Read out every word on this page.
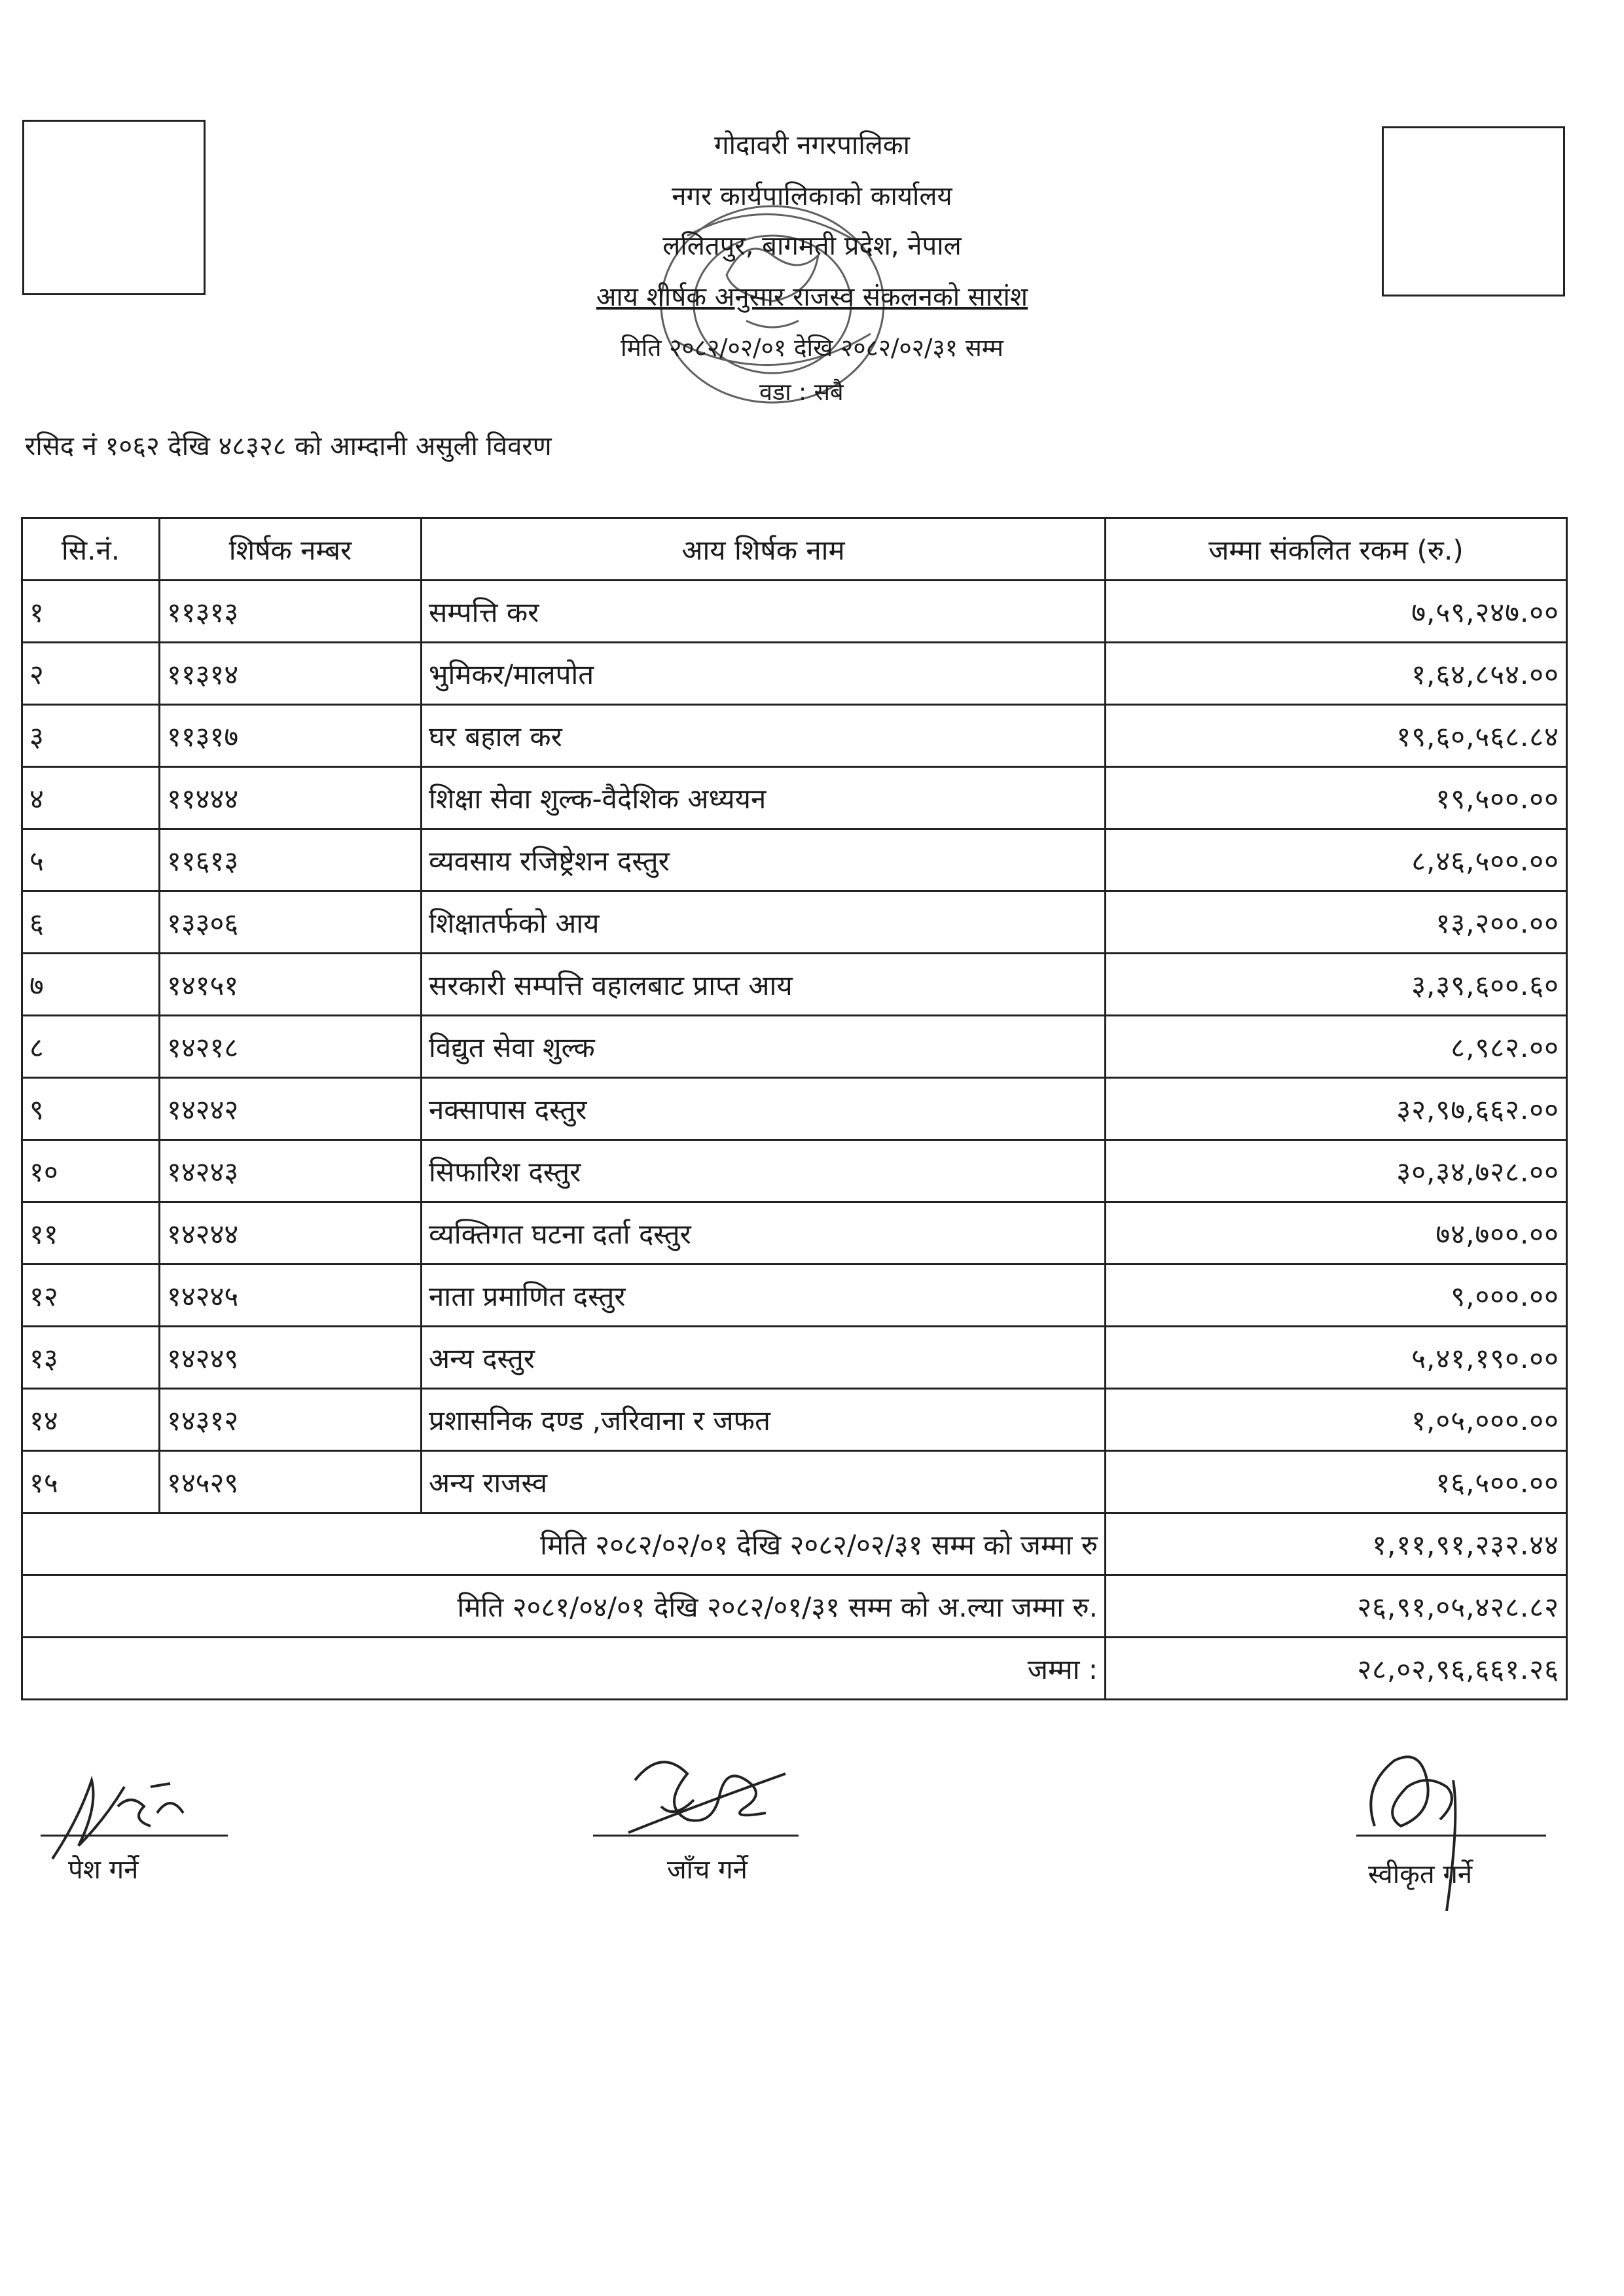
गोदावरी नगरपालिका
नगर कार्यपालिकाको कार्यालय
ललितपुर, बागमती प्रदेश, नेपाल
आय शीर्षक अनुसार राजस्व संकलनको सारांश
मिति २०८२/०२/०१ देखि २०८२/०२/३१ सम्म
वडा : सबै
रसिद नं १०६२ देखि ४८३२८ को आम्दानी असुली विवरण
सि.नं.	शिर्षक नम्बर	आय शिर्षक नाम	जम्मा संकलित रकम (रु.)
१	११३१३	सम्पत्ति कर	७,५९,२४७.००
२	११३१४	भुमिकर/मालपोत	१,६४,८५४.००
३	११३१७	घर बहाल कर	१९,६०,५६८.८४
४	११४४४	शिक्षा सेवा शुल्क-वैदेशिक अध्ययन	१९,५००.००
५	११६१३	व्यवसाय रजिष्ट्रेशन दस्तुर	८,४६,५००.००
६	१३३०६	शिक्षातर्फको आय	१३,२००.००
७	१४१५१	सरकारी सम्पत्ति वहालबाट प्राप्त आय	३,३९,६००.६०
८	१४२१८	विद्युत सेवा शुल्क	८,९८२.००
९	१४२४२	नक्सापास दस्तुर	३२,९७,६६२.००
१०	१४२४३	सिफारिश दस्तुर	३०,३४,७२८.००
११	१४२४४	व्यक्तिगत घटना दर्ता दस्तुर	७४,७००.००
१२	१४२४५	नाता प्रमाणित दस्तुर	९,०००.००
१३	१४२४९	अन्य दस्तुर	५,४१,१९०.००
१४	१४३१२	प्रशासनिक दण्ड ,जरिवाना र जफत	१,०५,०००.००
१५	१४५२९	अन्य राजस्व	१६,५००.००
मिति २०८२/०२/०१ देखि २०८२/०२/३१ सम्म को जम्मा रु			१,११,९१,२३२.४४
मिति २०८१/०४/०१ देखि २०८२/०१/३१ सम्म को अ.ल्या जम्मा रु.			२६,९१,०५,४२८.८२
जम्मा :			२८,०२,९६,६६१.२६
पेश गर्ने	जाँच गर्ने	स्वीकृत गर्ने
